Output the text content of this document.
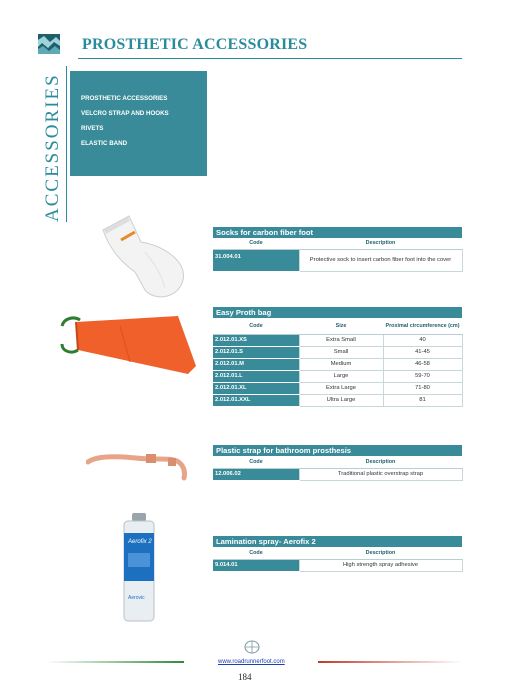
PROSTHETIC ACCESSORIES
ACCESSORIES	PROSTHETIC ACCESSORIES
VELCRO STRAP AND HOOKS
RIVETS
ELASTIC BAND
Socks for carbon fiber foot
Code	Description
31.004.01	Protective sock to insert carbon fiber foot into the cover
Easy Proth bag
Code	Size	Proximal circumference (cm)
2.012.01.XS	Extra Small	40
2.012.01.S	Small	41-45
2.012.01.M	Medium	46-58
2.012.01.L	Large	59-70
2.012.01.XL	Extra Large	71-80
2.012.01.XXL	Ultra Large	81
Plastic strap for bathroom prosthesis
Code	Description
12.006.02	Traditional plastic overstrap strap
Aerofix 2
Aerovic
Lamination spray- Aerofix 2
Code	Description
9.014.01	High strength spray adhesive
www.roadrunnerfoot.com
184
